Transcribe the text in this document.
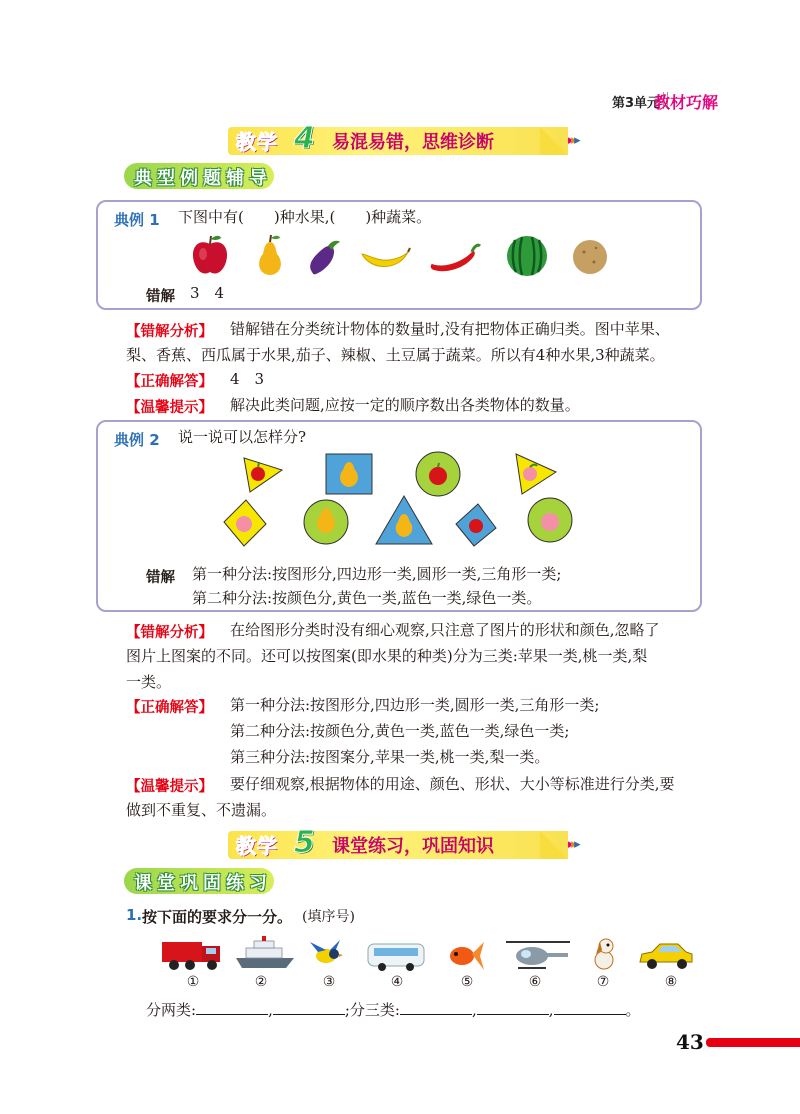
第3单元
教材巧解
教学 4 易混易错，思维诊断	▸ ▸ ▸
典型例题辅导
典例 1 下图中有(　　)种水果,(　　)种蔬菜。
错解 3　4
【错解分析】 错解错在分类统计物体的数量时,没有把物体正确归类。图中苹果、
梨、香蕉、西瓜属于水果,茄子、辣椒、土豆属于蔬菜。所以有4种水果,3种蔬菜。
【正确解答】 4　3
【温馨提示】 解决此类问题,应按一定的顺序数出各类物体的数量。
典例 2 说一说可以怎样分?
错解 第一种分法:按图形分,四边形一类,圆形一类,三角形一类;
第二种分法:按颜色分,黄色一类,蓝色一类,绿色一类。
【错解分析】 在给图形分类时没有细心观察,只注意了图片的形状和颜色,忽略了
图片上图案的不同。还可以按图案(即水果的种类)分为三类:苹果一类,桃一类,梨
一类。
【正确解答】 第一种分法:按图形分,四边形一类,圆形一类,三角形一类;
第二种分法:按颜色分,黄色一类,蓝色一类,绿色一类;
第三种分法:按图案分,苹果一类,桃一类,梨一类。
【温馨提示】 要仔细观察,根据物体的用途、颜色、形状、大小等标准进行分类,要
做到不重复、不遗漏。
教学 5 课堂练习，巩固知识	▸ ▸ ▸
课堂巩固练习
1. 按下面的要求分一分。 (填序号)
①	②	③	④	⑤	⑥	⑦	⑧
分两类:	,	;分三类:	,	,	。
43
